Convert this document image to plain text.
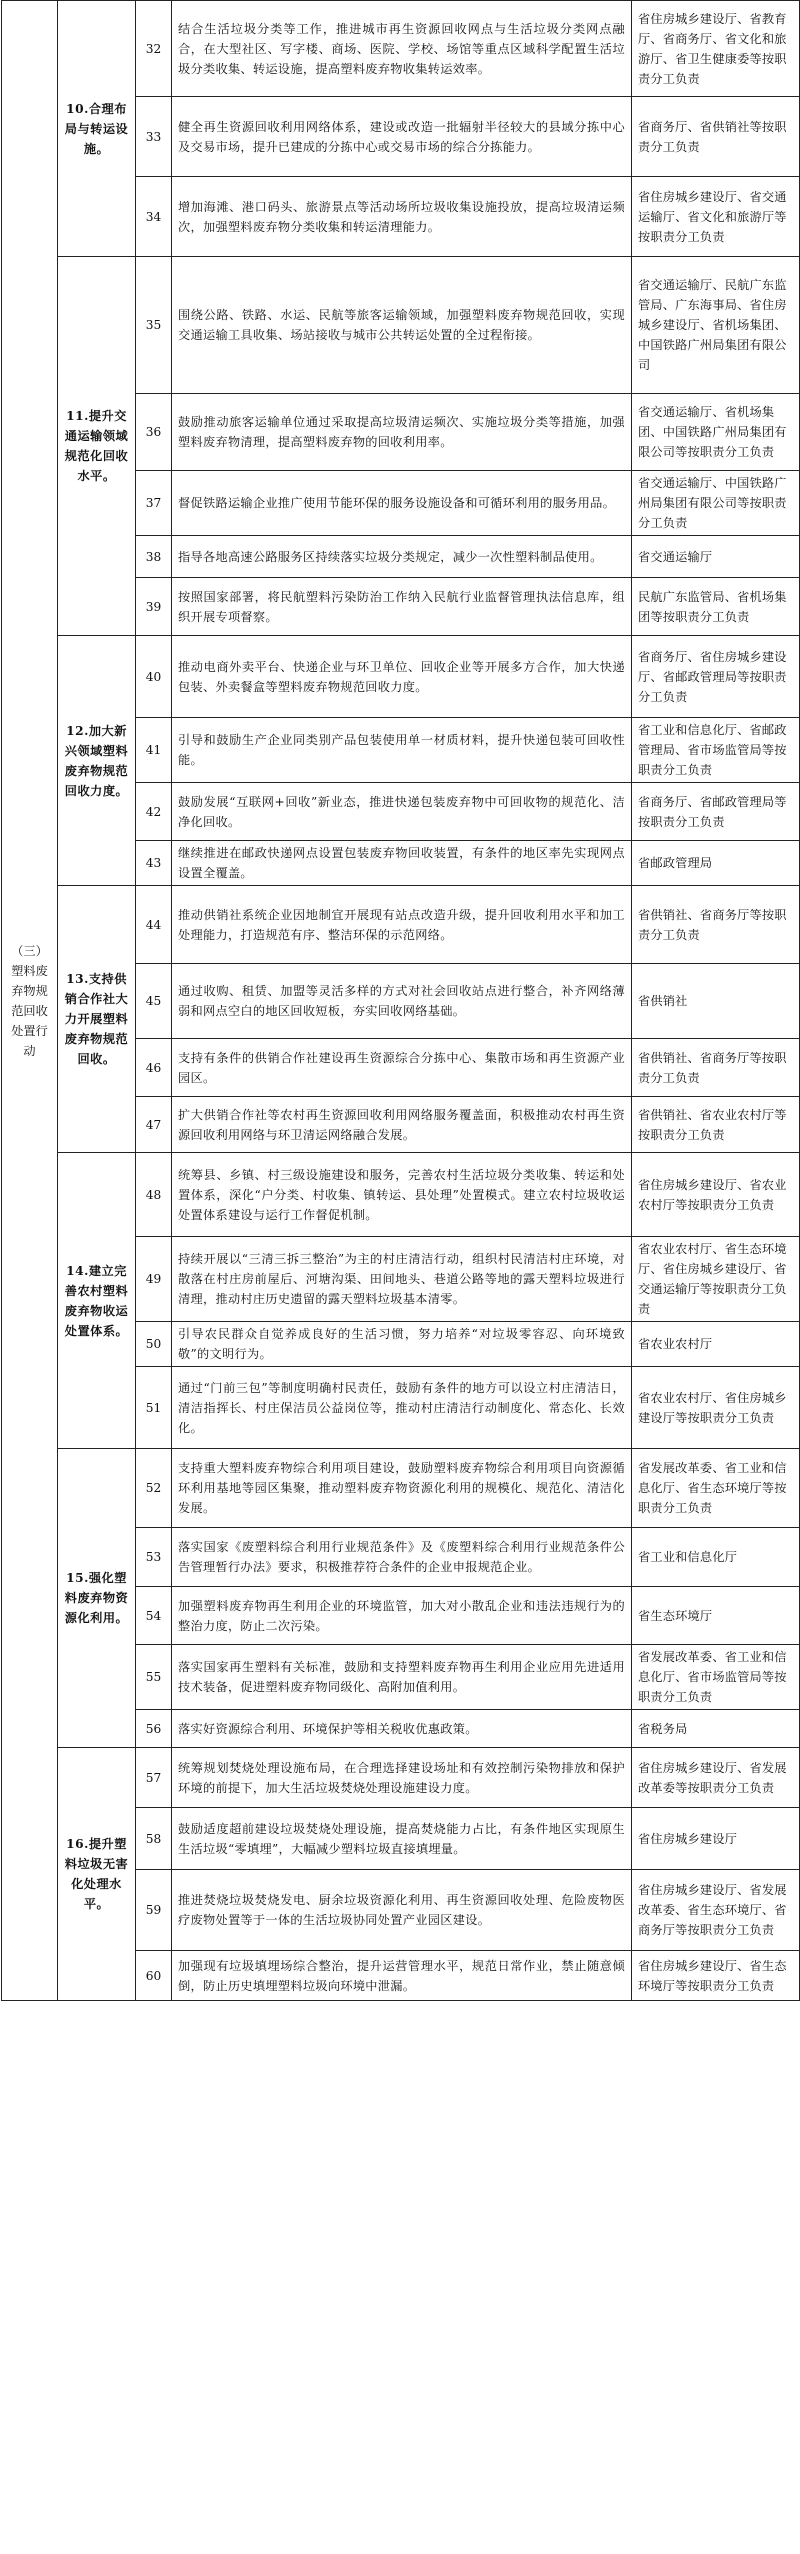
（三）塑料废弃物规范回收处置行动	10.合理布局与转运设施。	32	结合生活垃圾分类等工作，推进城市再生资源回收网点与生活垃圾分类网点融合，在大型社区、写字楼、商场、医院、学校、场馆等重点区域科学配置生活垃圾分类收集、转运设施，提高塑料废弃物收集转运效率。	省住房城乡建设厅、省教育厅、省商务厅、省文化和旅游厅、省卫生健康委等按职责分工负责
		33	健全再生资源回收利用网络体系，建设或改造一批辐射半径较大的县域分拣中心及交易市场，提升已建成的分拣中心或交易市场的综合分拣能力。	省商务厅、省供销社等按职责分工负责
		34	增加海滩、港口码头、旅游景点等活动场所垃圾收集设施投放，提高垃圾清运频次，加强塑料废弃物分类收集和转运清理能力。	省住房城乡建设厅、省交通运输厅、省文化和旅游厅等按职责分工负责

	11.提升交通运输领域规范化回收水平。	35	围绕公路、铁路、水运、民航等旅客运输领域，加强塑料废弃物规范回收，实现交通运输工具收集、场站接收与城市公共转运处置的全过程衔接。	省交通运输厅、民航广东监管局、广东海事局、省住房城乡建设厅、省机场集团、中国铁路广州局集团有限公司
		36	鼓励推动旅客运输单位通过采取提高垃圾清运频次、实施垃圾分类等措施，加强塑料废弃物清理，提高塑料废弃物的回收利用率。	省交通运输厅、省机场集团、中国铁路广州局集团有限公司等按职责分工负责
		37	督促铁路运输企业推广使用节能环保的服务设施设备和可循环利用的服务用品。	省交通运输厅、中国铁路广州局集团有限公司等按职责分工负责
		38	指导各地高速公路服务区持续落实垃圾分类规定，减少一次性塑料制品使用。	省交通运输厅
		39	按照国家部署，将民航塑料污染防治工作纳入民航行业监督管理执法信息库，组织开展专项督察。	民航广东监管局、省机场集团等按职责分工负责

	12.加大新兴领域塑料废弃物规范回收力度。	40	推动电商外卖平台、快递企业与环卫单位、回收企业等开展多方合作，加大快递包装、外卖餐盒等塑料废弃物规范回收力度。	省商务厅、省住房城乡建设厅、省邮政管理局等按职责分工负责
		41	引导和鼓励生产企业同类别产品包装使用单一材质材料，提升快递包装可回收性能。	省工业和信息化厅、省邮政管理局、省市场监管局等按职责分工负责
		42	鼓励发展“互联网+回收”新业态，推进快递包装废弃物中可回收物的规范化、洁净化回收。	省商务厅、省邮政管理局等按职责分工负责
		43	继续推进在邮政快递网点设置包装废弃物回收装置，有条件的地区率先实现网点设置全覆盖。	省邮政管理局

	13.支持供销合作社大力开展塑料废弃物规范回收。	44	推动供销社系统企业因地制宜开展现有站点改造升级，提升回收利用水平和加工处理能力，打造规范有序、整洁环保的示范网络。	省供销社、省商务厅等按职责分工负责
		45	通过收购、租赁、加盟等灵活多样的方式对社会回收站点进行整合，补齐网络薄弱和网点空白的地区回收短板，夯实回收网络基础。	省供销社
		46	支持有条件的供销合作社建设再生资源综合分拣中心、集散市场和再生资源产业园区。	省供销社、省商务厅等按职责分工负责
		47	扩大供销合作社等农村再生资源回收利用网络服务覆盖面，积极推动农村再生资源回收利用网络与环卫清运网络融合发展。	省供销社、省农业农村厅等按职责分工负责

	14.建立完善农村塑料废弃物收运处置体系。	48	统筹县、乡镇、村三级设施建设和服务，完善农村生活垃圾分类收集、转运和处置体系，深化“户分类、村收集、镇转运、县处理”处置模式。建立农村垃圾收运处置体系建设与运行工作督促机制。	省住房城乡建设厅、省农业农村厅等按职责分工负责
		49	持续开展以“三清三拆三整治”为主的村庄清洁行动，组织村民清洁村庄环境，对散落在村庄房前屋后、河塘沟渠、田间地头、巷道公路等地的露天塑料垃圾进行清理，推动村庄历史遗留的露天塑料垃圾基本清零。	省农业农村厅、省生态环境厅、省住房城乡建设厅、省交通运输厅等按职责分工负责
		50	引导农民群众自觉养成良好的生活习惯，努力培养“对垃圾零容忍、向环境致敬”的文明行为。	省农业农村厅
		51	通过“门前三包”等制度明确村民责任，鼓励有条件的地方可以设立村庄清洁日，清洁指挥长、村庄保洁员公益岗位等，推动村庄清洁行动制度化、常态化、长效化。	省农业农村厅、省住房城乡建设厅等按职责分工负责

	15.强化塑料废弃物资源化利用。	52	支持重大塑料废弃物综合利用项目建设，鼓励塑料废弃物综合利用项目向资源循环利用基地等园区集聚，推动塑料废弃物资源化利用的规模化、规范化、清洁化发展。	省发展改革委、省工业和信息化厅、省生态环境厅等按职责分工负责
		53	落实国家《废塑料综合利用行业规范条件》及《废塑料综合利用行业规范条件公告管理暂行办法》要求，积极推荐符合条件的企业申报规范企业。	省工业和信息化厅
		54	加强塑料废弃物再生利用企业的环境监管，加大对小散乱企业和违法违规行为的整治力度，防止二次污染。	省生态环境厅
		55	落实国家再生塑料有关标准，鼓励和支持塑料废弃物再生利用企业应用先进适用技术装备，促进塑料废弃物同级化、高附加值利用。	省发展改革委、省工业和信息化厅、省市场监管局等按职责分工负责
		56	落实好资源综合利用、环境保护等相关税收优惠政策。	省税务局

	16.提升塑料垃圾无害化处理水平。	57	统筹规划焚烧处理设施布局，在合理选择建设场址和有效控制污染物排放和保护环境的前提下，加大生活垃圾焚烧处理设施建设力度。	省住房城乡建设厅、省发展改革委等按职责分工负责
		58	鼓励适度超前建设垃圾焚烧处理设施，提高焚烧能力占比，有条件地区实现原生生活垃圾“零填埋”，大幅减少塑料垃圾直接填埋量。	省住房城乡建设厅
		59	推进焚烧垃圾焚烧发电、厨余垃圾资源化利用、再生资源回收处理、危险废物医疗废物处置等于一体的生活垃圾协同处置产业园区建设。	省住房城乡建设厅、省发展改革委、省生态环境厅、省商务厅等按职责分工负责
		60	加强现有垃圾填埋场综合整治，提升运营管理水平，规范日常作业，禁止随意倾倒，防止历史填埋塑料垃圾向环境中泄漏。	省住房城乡建设厅、省生态环境厅等按职责分工负责
